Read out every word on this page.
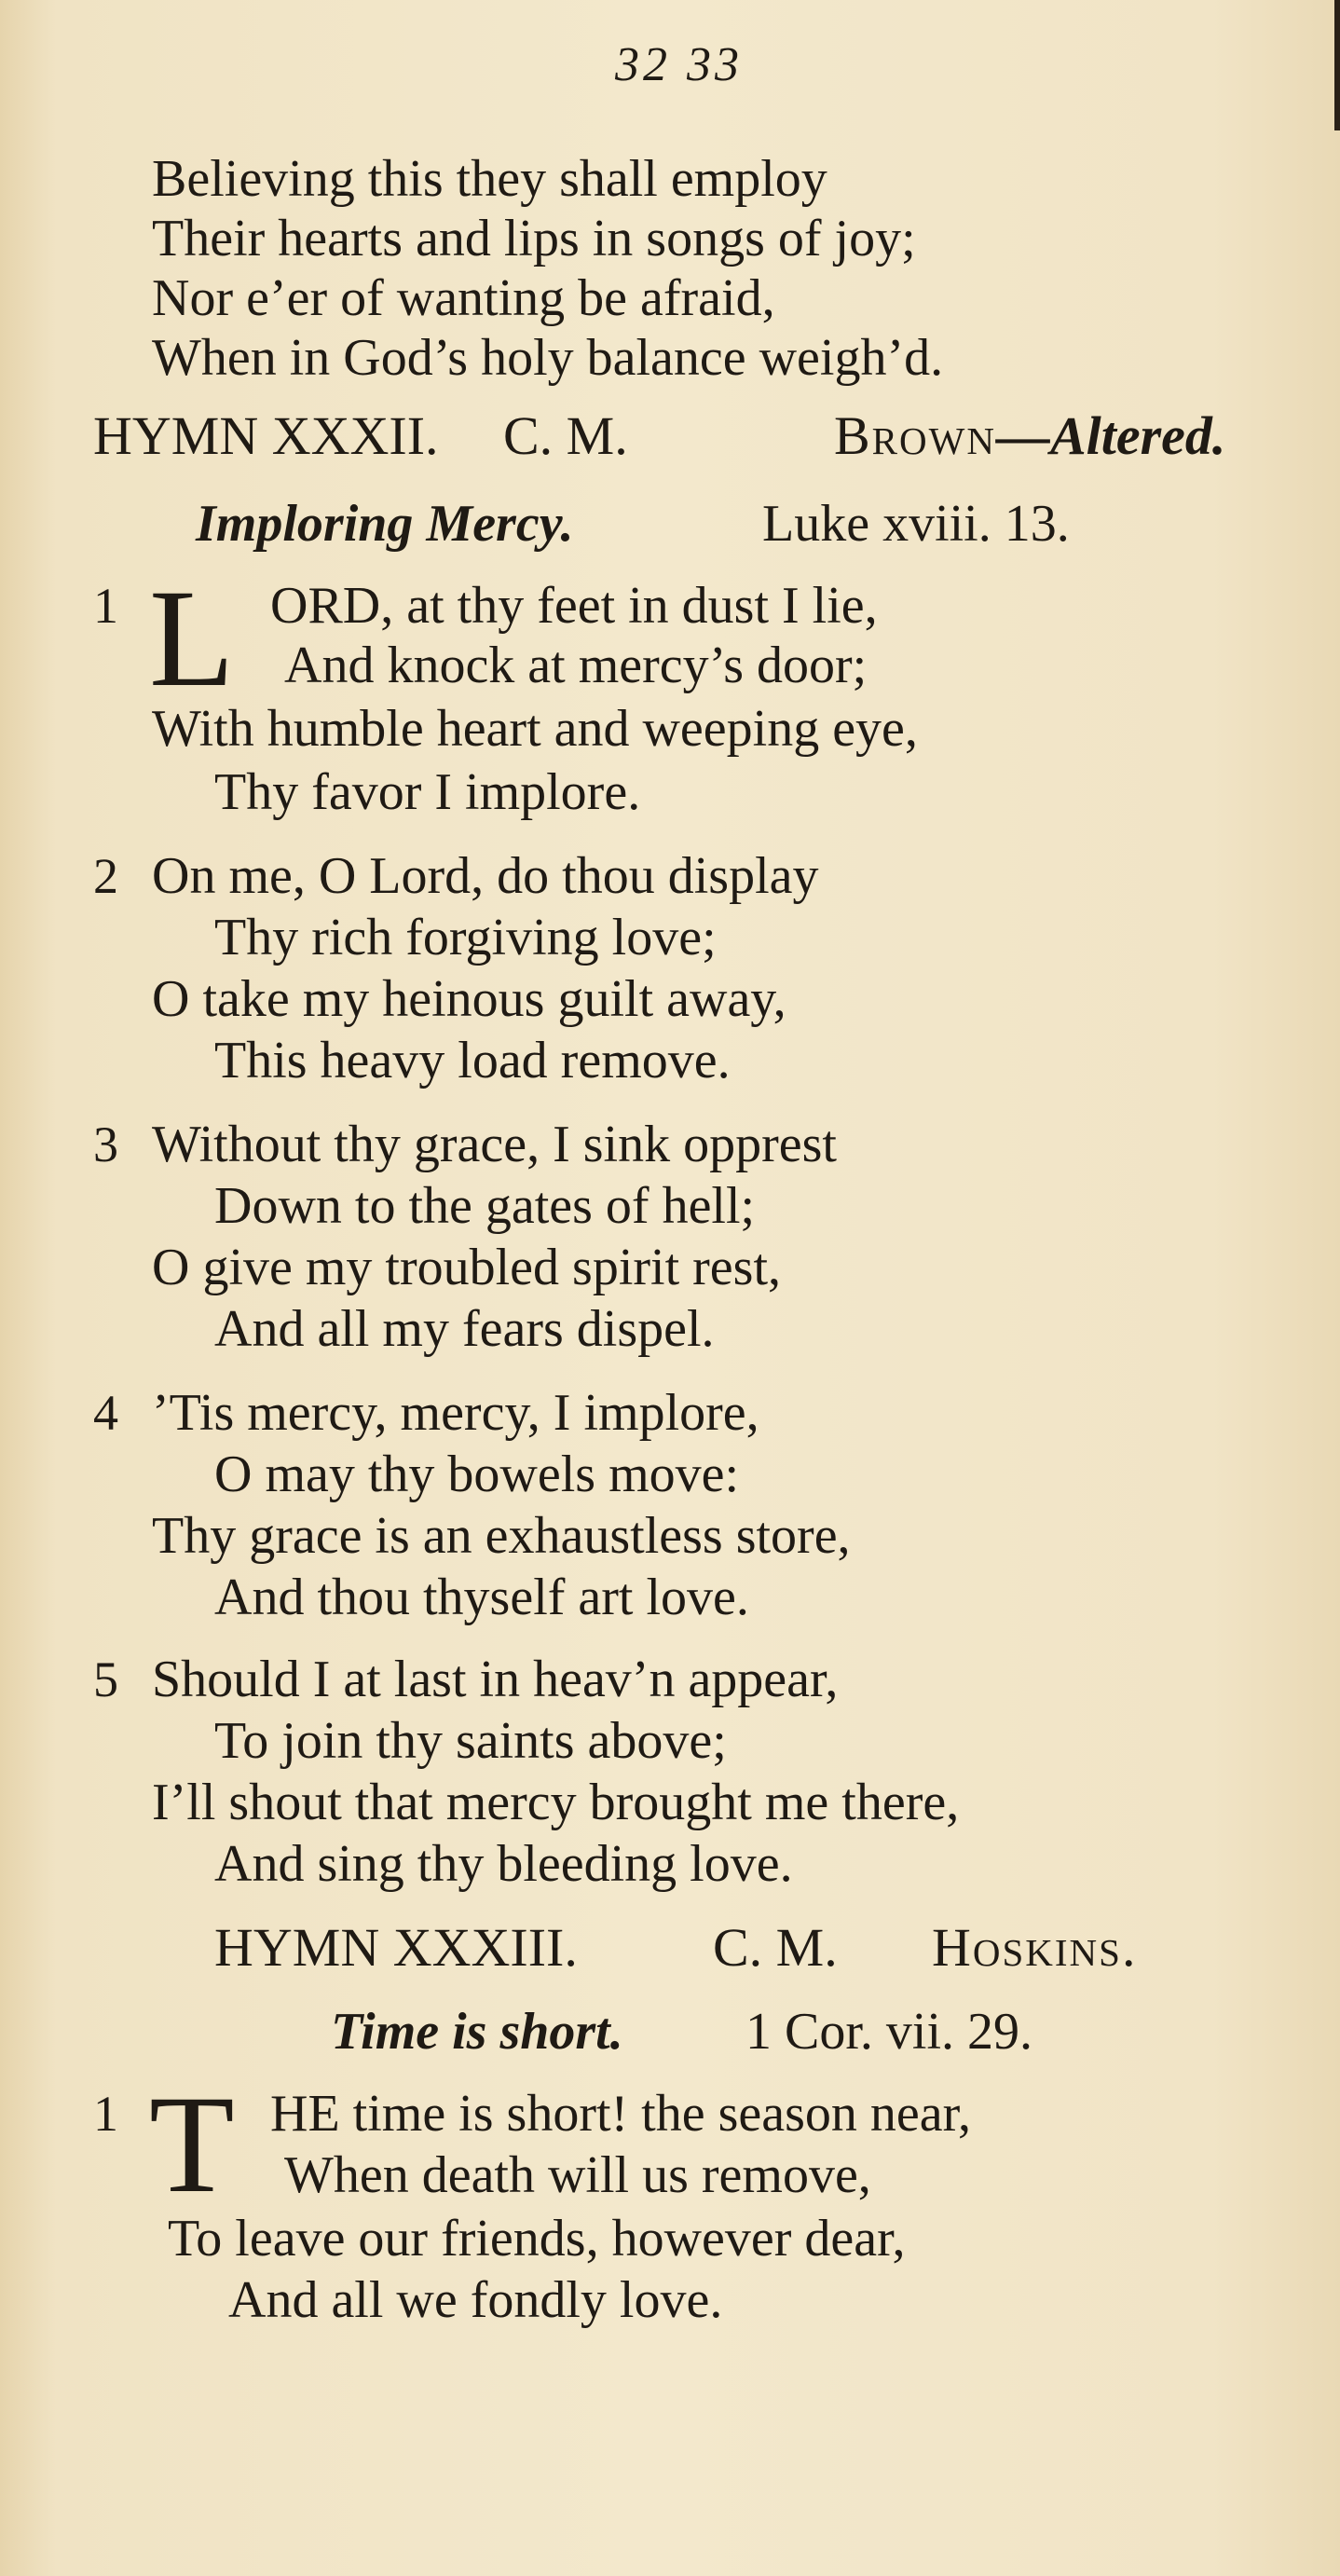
32 33
Believing this they shall employ
Their hearts and lips in songs of joy;
Nor e’er of wanting be afraid,
When in God’s holy balance weigh’d.
HYMN XXXII. C. M.	Brown—Altered.
Imploring Mercy.	Luke xviii. 13.
1 L ORD, at thy feet in dust I lie,
And knock at mercy’s door;
With humble heart and weeping eye,
Thy favor I implore.
2 On me, O Lord, do thou display
Thy rich forgiving love;
O take my heinous guilt away,
This heavy load remove.
3 Without thy grace, I sink opprest
Down to the gates of hell;
O give my troubled spirit rest,
And all my fears dispel.
4 ’Tis mercy, mercy, I implore,
O may thy bowels move:
Thy grace is an exhaustless store,
And thou thyself art love.
5 Should I at last in heav’n appear,
To join thy saints above;
I’ll shout that mercy brought me there,
And sing thy bleeding love.
HYMN XXXIII.	C. M. Hoskins.
Time is short. 1 Cor. vii. 29.
1 T HE time is short! the season near,
When death will us remove,
To leave our friends, however dear,
And all we fondly love.
